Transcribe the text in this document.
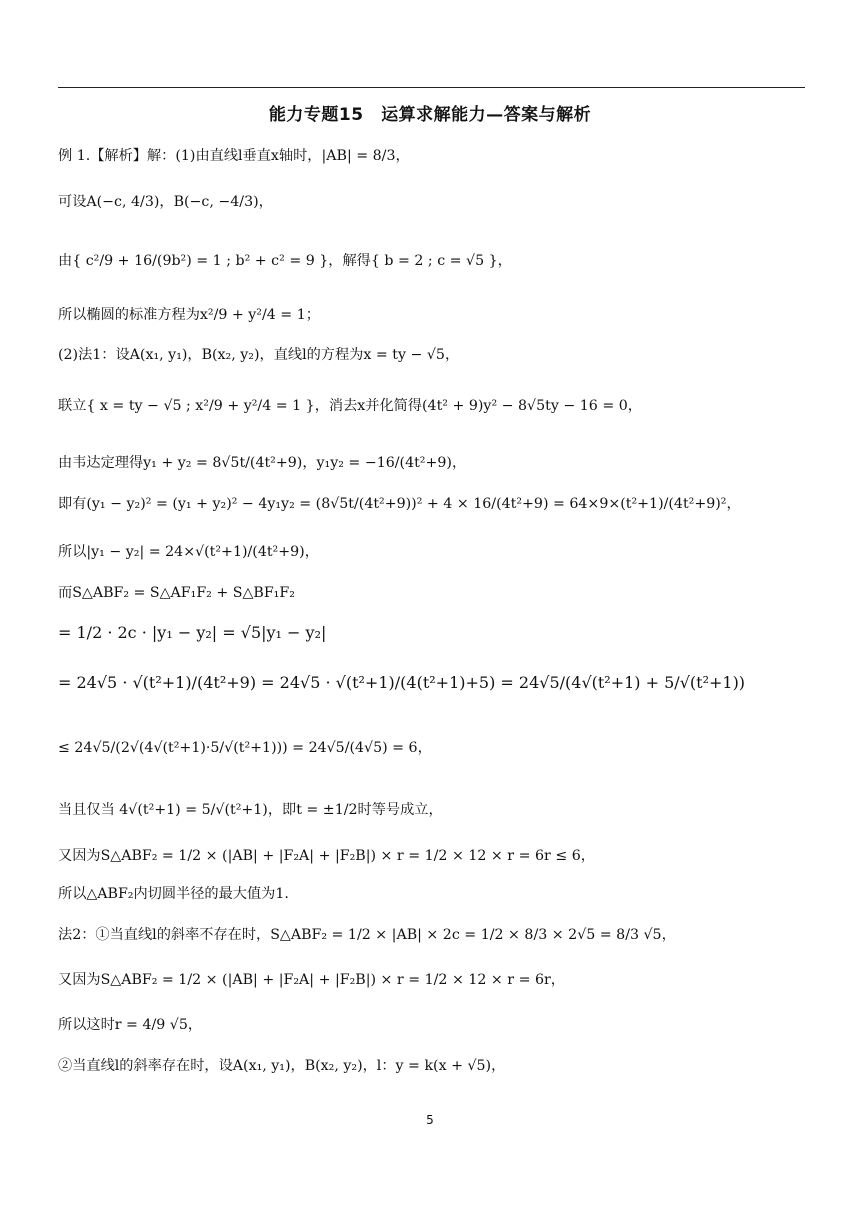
能力专题15　运算求解能力—答案与解析
例 1.【解析】解：(1)由直线l垂直x轴时，|AB| = 8/3，
可设A(−c, 4/3)，B(−c, −4/3)，
由{ c²/9 + 16/(9b²) = 1 ; b² + c² = 9 }，解得{ b = 2 ; c = √5 }，
所以椭圆的标准方程为x²/9 + y²/4 = 1；
(2)法1：设A(x₁, y₁)，B(x₂, y₂)，直线l的方程为x = ty − √5，
联立{ x = ty − √5 ; x²/9 + y²/4 = 1 }，消去x并化简得(4t² + 9)y² − 8√5ty − 16 = 0，
由韦达定理得y₁ + y₂ = 8√5t/(4t²+9)，y₁y₂ = −16/(4t²+9)，
即有(y₁ − y₂)² = (y₁ + y₂)² − 4y₁y₂ = (8√5t/(4t²+9))² + 4 × 16/(4t²+9) = 64×9×(t²+1)/(4t²+9)²，
所以|y₁ − y₂| = 24×√(t²+1)/(4t²+9)，
而S△ABF₂ = S△AF₁F₂ + S△BF₁F₂
= 1/2 · 2c · |y₁ − y₂| = √5|y₁ − y₂|
= 24√5 · √(t²+1)/(4t²+9) = 24√5 · √(t²+1)/(4(t²+1)+5) = 24√5/(4√(t²+1) + 5/√(t²+1))
≤ 24√5/(2√(4√(t²+1)·5/√(t²+1))) = 24√5/(4√5) = 6，
当且仅当 4√(t²+1) = 5/√(t²+1)，即t = ±1/2时等号成立，
又因为S△ABF₂ = 1/2 × (|AB| + |F₂A| + |F₂B|) × r = 1/2 × 12 × r = 6r ≤ 6，
所以△ABF₂内切圆半径的最大值为1.
法2：①当直线l的斜率不存在时，S△ABF₂ = 1/2 × |AB| × 2c = 1/2 × 8/3 × 2√5 = 8/3 √5，
又因为S△ABF₂ = 1/2 × (|AB| + |F₂A| + |F₂B|) × r = 1/2 × 12 × r = 6r，
所以这时r = 4/9 √5，
②当直线l的斜率存在时，设A(x₁, y₁)，B(x₂, y₂)，l：y = k(x + √5)，
5
